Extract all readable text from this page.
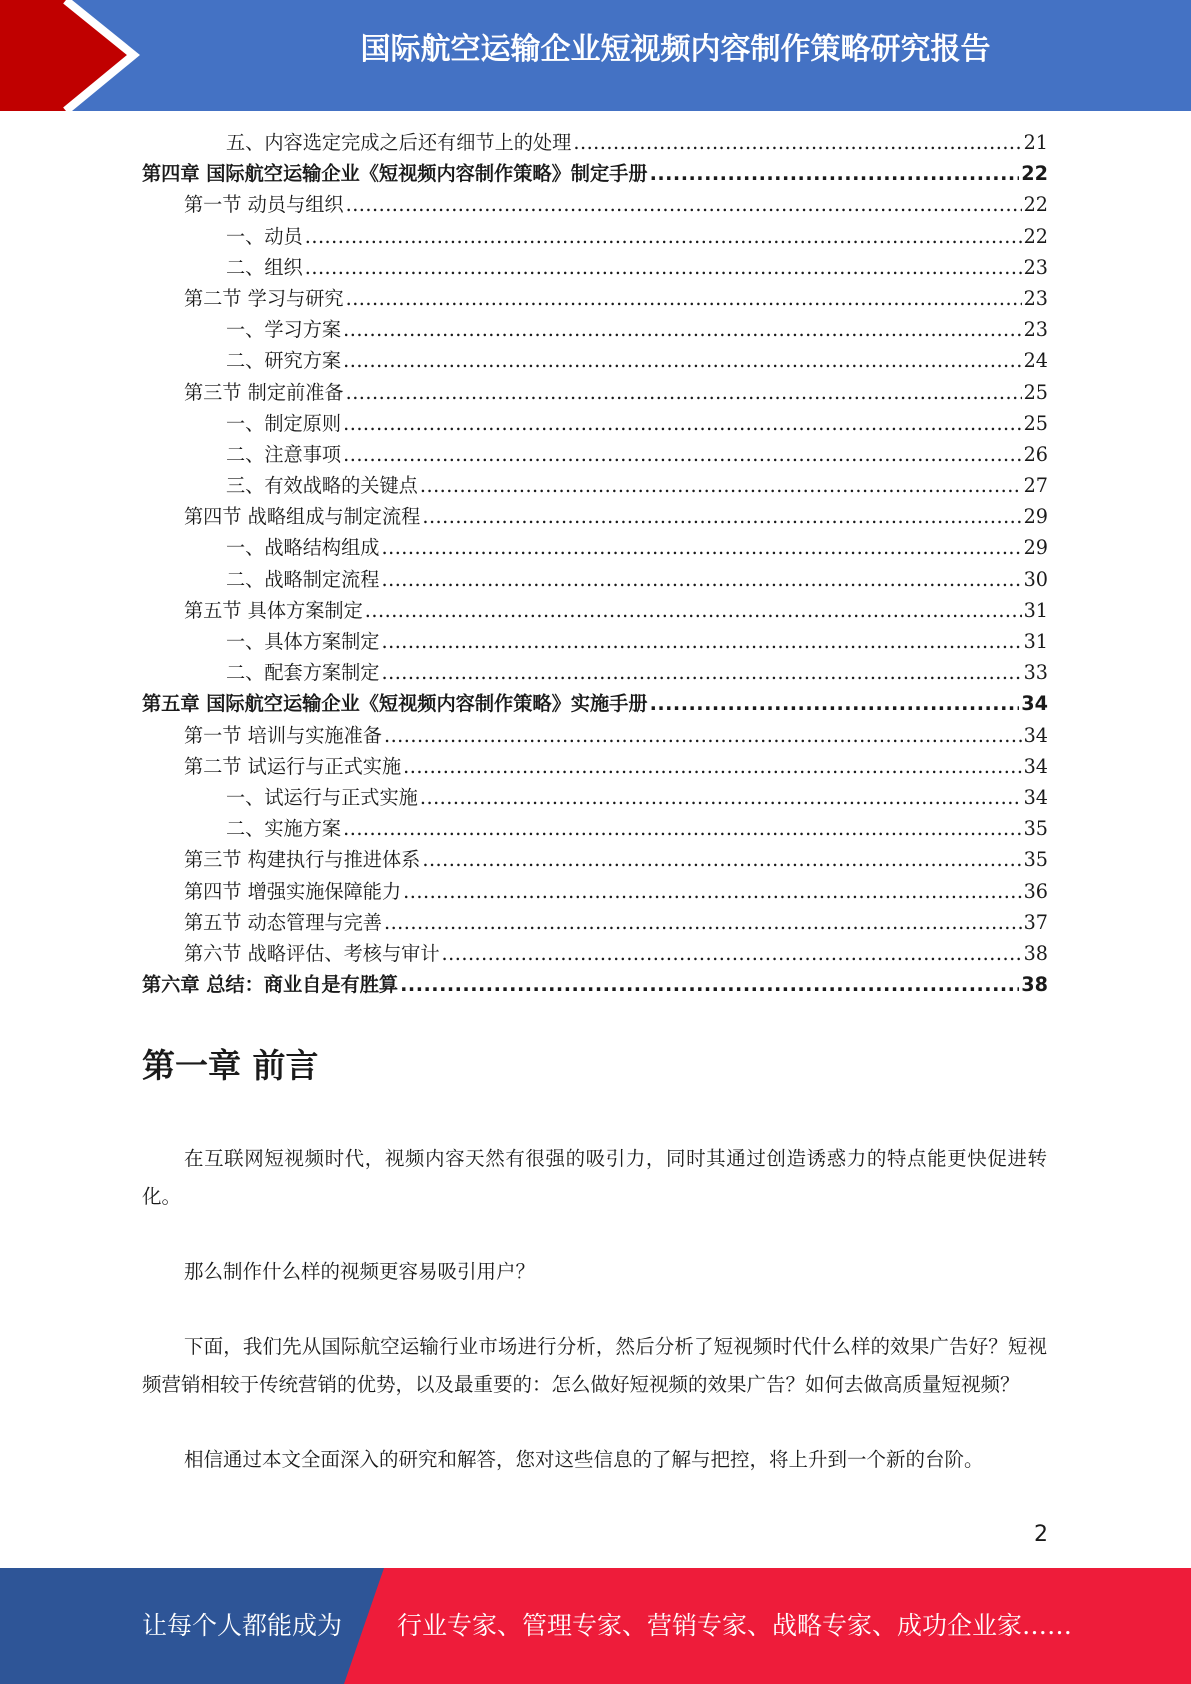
国际航空运输企业短视频内容制作策略研究报告
五、内容选定完成之后还有细节上的处理 .....	21
第四章 国际航空运输企业《短视频内容制作策略》制定手册 .....	22
第一节 动员与组织 .....	22
一、动员 .....	22
二、组织 .....	23
第二节 学习与研究 .....	23
一、学习方案 .....	23
二、研究方案 .....	24
第三节 制定前准备 .....	25
一、制定原则 .....	25
二、注意事项 .....	26
三、有效战略的关键点 .....	27
第四节 战略组成与制定流程 .....	29
一、战略结构组成 .....	29
二、战略制定流程 .....	30
第五节 具体方案制定 .....	31
一、具体方案制定 .....	31
二、配套方案制定 .....	33
第五章 国际航空运输企业《短视频内容制作策略》实施手册 .....	34
第一节 培训与实施准备 .....	34
第二节 试运行与正式实施 .....	34
一、试运行与正式实施 .....	34
二、实施方案 .....	35
第三节 构建执行与推进体系 .....	35
第四节 增强实施保障能力 .....	36
第五节 动态管理与完善 .....	37
第六节 战略评估、考核与审计 .....	38
第六章 总结：商业自是有胜算 .....	38
第一章 前言

在互联网短视频时代，视频内容天然有很强的吸引力，同时其通过创造诱惑力的特点能更快促进转化。

那么制作什么样的视频更容易吸引用户？

下面，我们先从国际航空运输行业市场进行分析，然后分析了短视频时代什么样的效果广告好？短视频营销相较于传统营销的优势，以及最重要的：怎么做好短视频的效果广告？如何去做高质量短视频？

相信通过本文全面深入的研究和解答，您对这些信息的了解与把控，将上升到一个新的台阶。

2
让每个人都能成为 行业专家、管理专家、营销专家、战略专家、成功企业家……
